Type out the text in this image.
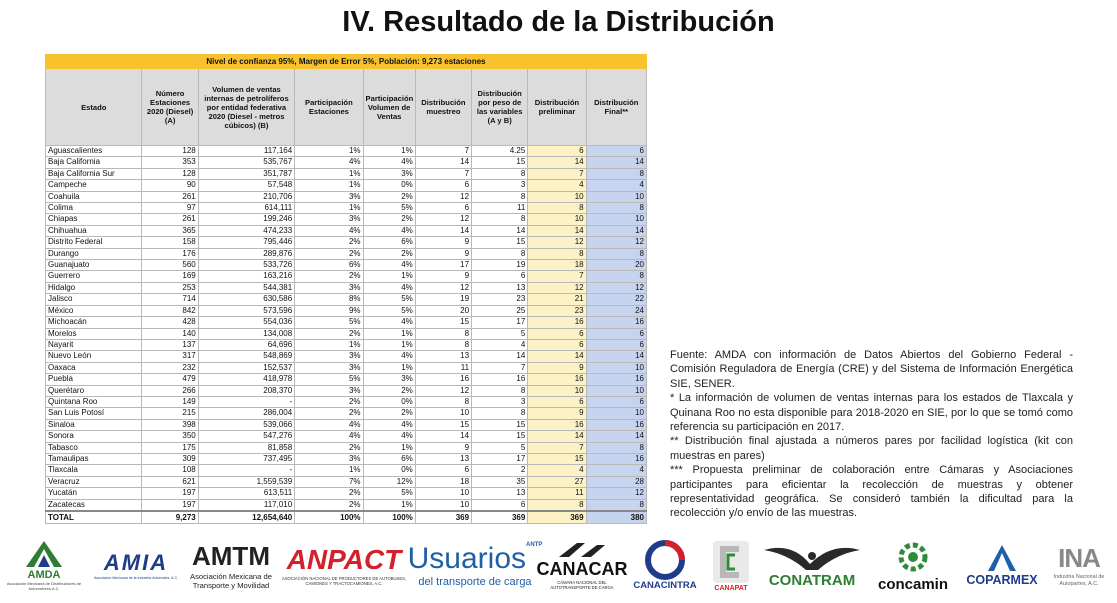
IV. Resultado de la Distribución
Nivel de confianza 95%, Margen de Error 5%, Población: 9,273 estaciones								
Estado	Número Estaciones 2020 (Diesel) (A)	Volumen de ventas internas de petrolíferos por entidad federativa 2020 (Diesel - metros cúbicos) (B)	Participación Estaciones	Participación Volumen de Ventas	Distribución muestreo	Distribución por peso de las variables (A y B)	Distribución preliminar	Distribución Final**
Aguascalientes	128	117,164	1%	1%	7	4.25	6	6
Baja California	353	535,767	4%	4%	14	15	14	14
Baja California Sur	128	351,787	1%	3%	7	8	7	8
Campeche	90	57,548	1%	0%	6	3	4	4
Coahuila	261	210,706	3%	2%	12	8	10	10
Colima	97	614,111	1%	5%	6	11	8	8
Chiapas	261	199,246	3%	2%	12	8	10	10
Chihuahua	365	474,233	4%	4%	14	14	14	14
Distrito Federal	158	795,446	2%	6%	9	15	12	12
Durango	176	289,876	2%	2%	9	8	8	8
Guanajuato	560	533,726	6%	4%	17	19	18	20
Guerrero	169	163,216	2%	1%	9	6	7	8
Hidalgo	253	544,381	3%	4%	12	13	12	12
Jalisco	714	630,586	8%	5%	19	23	21	22
México	842	573,596	9%	5%	20	25	23	24
Michoacán	428	554,036	5%	4%	15	17	16	16
Morelos	140	134,008	2%	1%	8	5	6	6
Nayarit	137	64,696	1%	1%	8	4	6	6
Nuevo León	317	548,869	3%	4%	13	14	14	14
Oaxaca	232	152,537	3%	1%	11	7	9	10
Puebla	479	418,978	5%	3%	16	16	16	16
Querétaro	266	208,370	3%	2%	12	8	10	10
Quintana Roo	149	-	2%	0%	8	3	6	6
San Luis Potosí	215	286,004	2%	2%	10	8	9	10
Sinaloa	398	539,066	4%	4%	15	15	16	16
Sonora	350	547,276	4%	4%	14	15	14	14
Tabasco	175	81,858	2%	1%	9	5	7	8
Tamaulipas	309	737,495	3%	6%	13	17	15	16
Tlaxcala	108	-	1%	0%	6	2	4	4
Veracruz	621	1,559,539	7%	12%	18	35	27	28
Yucatán	197	613,511	2%	5%	10	13	11	12
Zacatecas	197	117,010	2%	1%	10	6	8	8
TOTAL	9,273	12,654,640	100%	100%	369	369	369	380

Fuente: AMDA con información de Datos Abiertos del Gobierno Federal - Comisión Reguladora de Energía (CRE) y del Sistema de Información Energética SIE, SENER.

* La información de volumen de ventas internas para los estados de Tlaxcala y Quinana Roo no esta disponible para 2018-2020 en SIE, por lo que se tomó como referencia su participación en 2017.

** Distribución final ajustada a números pares por facilidad logística (kit con muestras en pares)

*** Propuesta preliminar de colaboración entre Cámaras y Asociaciones participantes para eficientar la recolección de muestras y obtener representatividad geográfica. Se consideró también la dificultad para la recolección y/o envío de las muestras.

AMDA
Asociación Mexicana de Distribuidores de Automotores A.C.
AMIA
Asociación Mexicana de la Industria Automotriz, A.C.
AMTM
Asociación Mexicana de Transporte y Movilidad
ANPACT
ASOCIACIÓN NACIONAL DE PRODUCTORES DE AUTOBUSES, CAMIONES Y TRACTOCAMIONES, A.C.
Usuarios ANTP
del transporte de carga
CANACAR
CÁMARA NACIONAL DEL AUTOTRANSPORTE DE CARGA	CANACINTRA	CANAPAT CONATRAM concamin COPARMEX
INA
Industria Nacional de Autopartes, A.C.
